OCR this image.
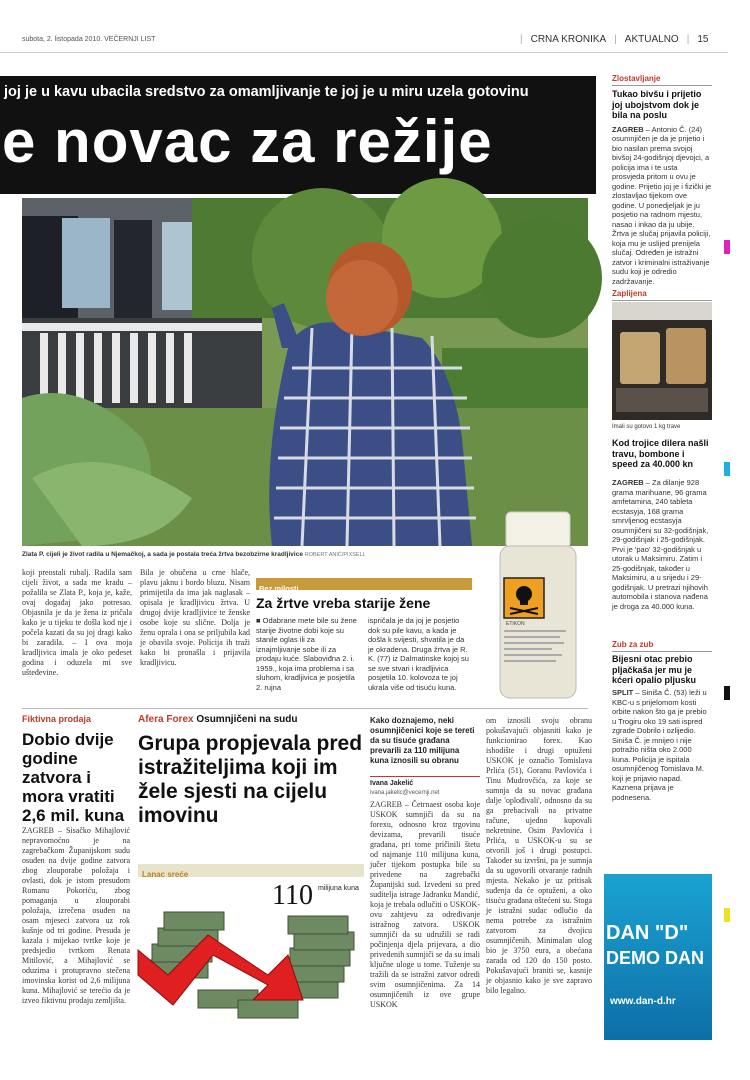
subota, 2. listopada 2010. VEČERNJI LIST	| CRNA KRONIKA | AKTUALNO | 15
joj je u kavu ubacila sredstvo za omamljivanje te joj je u miru uzela gotovinu
e novac za režije
Zlata P. cijeli je život radila u Njemačkoj, a sada je postala treća žrtva bezobzirne kradljivice ROBERT ANIĆ/PIXSELL
koji preostali rubalj. Radila sam cijeli život, a sada me kradu – požalila se Zlata P., koja je, kaže, ovaj događaj jako potresao. Objasnila je da je žena iz pričala kako je u tijeku te došla kod nje i počela kazati da su joj dragi kako bi zaradila. – I ova moja kradljivica imala je oko pedeset godina i oduzela mi sve ušteđevine.
Bila je obučena u crne hlače, plavu jaknu i bordo bluzu. Nisam primijetila da ima jak naglasak – opisala je kradljivicu žrtva. U drugoj dvije kradljivice te ženske osobe koje su slične. Dolja je ženu oprala i ona se priljubila kad je obavila svoje. Policija ih traži kako bi pronašla i prijavila kradljivicu.
Bez milosti
Za žrtve vreba starije žene
■ Odabrane mete bile su žene starije životne dobi koje su stanile oglas ili za iznajmljivanje sobe ili za prodaju kuće. Slaboviđna 2. i. 1959., koja ima problema i sa sluhom, kradljivica je posjetila 2. rujna
ispričala je da joj je posjetio dok su pile kavu, a kada je došla k svijesti, shvatila je da je okradena. Druga žrtva je R. K. (77) iz Dalmatinske kojoj su se sve stvari i kradljivica posjetila 10. kolovoza te joj ukrala više od tisuću kuna.
ETIKON
Zlostavljanje
Tukao bivšu i prijetio joj ubojstvom dok je bila na poslu
ZAGREB – Antonio Č. (24) osumnjičen je da je prijetio i bio nasilan prema svojoj bivšoj 24-godišnjoj djevojci, a policija ima i te usta prosvjeda pritom u ovu je godine. Prijetio joj je i fizički je zlostavljao tijekom ove godine. U ponedjeljak je ju posjetio na radnom mjestu, nasao i inkao da ju ubije. Žrtva je slučaj prijavila policiji, koja mu je uslijed prenijela slučaj. Određen je istražni zatvor i kriminalni istraživanje sudu koji je odredio zadržavanje.
Zaplijena
Imali su gotovo 1 kg trave
Kod trojice dilera našli travu, bombone i speed za 40.000 kn
ZAGREB – Za dilanje 928 grama marihuane, 96 grama amfetamina, 240 tableta ecstasyja, 168 grama smrvljenog ecstasyja osumnjičeni su 32-godišnjak, 29-godišnjak i 25-godišnjak. Prvi je 'pao' 32-godišnjak u utorak u Maksimiru. Zatim i 25-godišnjak, također u Maksimiru, a u srijedu i 29-godišnjak. U pretrazi njihovih automobila i stanova nađena je droga za 40.000 kuna.
Zub za zub
Bijesni otac prebio pljačkaša jer mu je kćeri opalio pljusku
SPLIT – Siniša Č. (53) leži u KBC-u s prijelomom kosti orbite nakon što ga je prebio u Trogiru oko 19 sati ispred zgrade Dobrilo i ozlijedio. Siniša Č. je mnijeo i nije potražio ništa oko 2.000 kuna. Policija je ispitala osumnjičenog Tomislava M. koji je prijavio napad. Kaznena prijava je podnesena.
DAN "D"
DEMO DAN
www.dan-d.hr
Fiktivna prodaja
Dobio dvije godine zatvora i mora vratiti 2,6 mil. kuna
ZAGREB – Sisačko Mihajlović nepravomoćno je na zagrebačkom Županijskom sudu osuđen na dvije godine zatvora zbog zlouporabe položaja i ovlasti, dok je istom presudom Romanu Pokoriću, zbog pomaganja u zlouporabi položaja, izrečena osuđen na osam mjeseci zatvora uz rok kušnje od tri godine. Presuda je kazala i mijekao tvrtke koje je predsjedio tvrtkom Renata Mitilović, a Mihajlović se oduzima i protupravno stečena imovinska korist od 2,6 milijuna kuna. Mihajlović se terećio da je izveo fiktivnu prodaju zemljišta.
Afera Forex Osumnjičeni na sudu
Grupa propjevala pred istražiteljima koji im žele sjesti na cijelu imovinu
Lanac sreće
110 milijuna kuna
Kako doznajemo, neki osumnjičenici koje se tereti da su tisuće građana prevarili za 110 milijuna kuna iznosili su obranu
Ivana Jakelić
ivana.jakelic@vecernji.net
ZAGREB – Četrnaest osoba koje USKOK sumnjiči da su na forexu, odnosno kroz trgovinu devizama, prevarili tisuće građana, pri tome pričinili štetu od najmanje 110 milijuna kuna, jučer tijekom postupka bile su privedene na zagrebački Županijski sud. Izvedeni su pred suditelja istrage Jadranku Mandić, koja je trebala odlučiti o USKOK-ovu zahtjevu za određivanje istražnog zatvora. USKOK sumnjiči da su udružili se radi počinjenja djela prijevara, a dio privedenih sumnjiči se da su imali ključne uloge u tome. Tuženje su tražili da se istražni zatvor odredi svim osumnjičenima. Za 14 osumnjičenih iz ove grupe USKOK
om iznosili svoju obranu pokušavajući objasniti kako je funkcionirao forex. Kao ishodište i drugi optuženi USKOK je označio Tomislava Prlića (51), Goranu Pavlovića i Tinu Mudrovčića, za koje se sumnja da su novac građana dalje 'oplođivali', odnosno da su ga prebacivali na privatne račune, ujedno kupovali nekretnine. Osim Pavlovića i Prlića, u USKOK-u su se otvorili još i drugi postupci. Također su izvršni, pa je sumnja da su ugovorili otvaranje radnih mjesta. Nekako je uz pritisak suđenja da će optuženi, a oko tisuću građana oštećeni su. Stoga je istražni sudac odlučio da nema potrebe za istražnim zatvorom za dvojicu osumnjičenih. Minimalan ulog bio je 3750 eura, a obećana zarada od 120 do 150 posto. Pokušavajući braniti se, kasnije je objasnio kako je sve zapravo bilo legalno.
